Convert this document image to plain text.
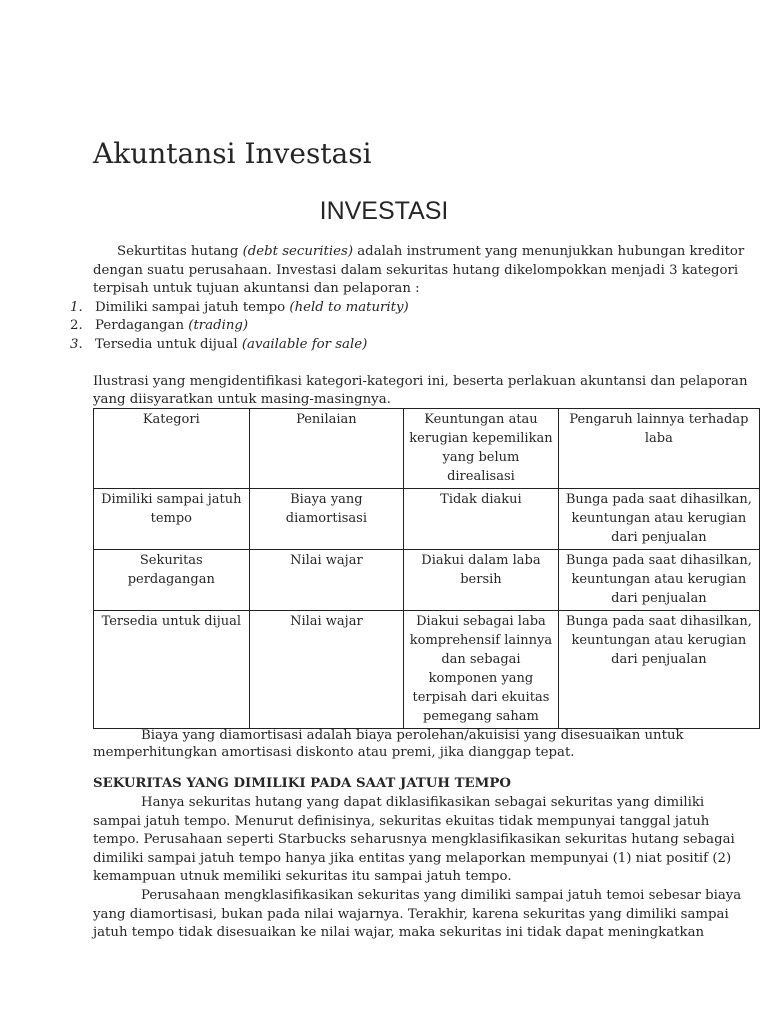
Akuntansi Investasi
INVESTASI
Sekurtitas hutang (debt securities) adalah instrument yang menunjukkan hubungan kreditor
dengan suatu perusahaan. Investasi dalam sekuritas hutang dikelompokkan menjadi 3 kategori
terpisah untuk tujuan akuntansi dan pelaporan :
1. Dimiliki sampai jatuh tempo (held to maturity)
2. Perdagangan (trading)
3. Tersedia untuk dijual (available for sale)
Ilustrasi yang mengidentifikasi kategori-kategori ini, beserta perlakuan akuntansi dan pelaporan
yang diisyaratkan untuk masing-masingnya.
Kategori	Penilaian	Keuntungan atau kerugian kepemilikan yang belum direalisasi	Pengaruh lainnya terhadap laba
Dimiliki sampai jatuh tempo	Biaya yang diamortisasi	Tidak diakui	Bunga pada saat dihasilkan, keuntungan atau kerugian dari penjualan
Sekuritas perdagangan	Nilai wajar	Diakui dalam laba bersih	Bunga pada saat dihasilkan, keuntungan atau kerugian dari penjualan
Tersedia untuk dijual	Nilai wajar	Diakui sebagai laba komprehensif lainnya dan sebagai komponen yang terpisah dari ekuitas pemegang saham	Bunga pada saat dihasilkan, keuntungan atau kerugian dari penjualan
Biaya yang diamortisasi adalah biaya perolehan/akuisisi yang disesuaikan untuk
memperhitungkan amortisasi diskonto atau premi, jika dianggap tepat.
SEKURITAS YANG DIMILIKI PADA SAAT JATUH TEMPO
Hanya sekuritas hutang yang dapat diklasifikasikan sebagai sekuritas yang dimiliki
sampai jatuh tempo. Menurut definisinya, sekuritas ekuitas tidak mempunyai tanggal jatuh
tempo. Perusahaan seperti Starbucks seharusnya mengklasifikasikan sekuritas hutang sebagai
dimiliki sampai jatuh tempo hanya jika entitas yang melaporkan mempunyai (1) niat positif (2)
kemampuan utnuk memiliki sekuritas itu sampai jatuh tempo.
Perusahaan mengklasifikasikan sekuritas yang dimiliki sampai jatuh temoi sebesar biaya
yang diamortisasi, bukan pada nilai wajarnya. Terakhir, karena sekuritas yang dimiliki sampai
jatuh tempo tidak disesuaikan ke nilai wajar, maka sekuritas ini tidak dapat meningkatkan
